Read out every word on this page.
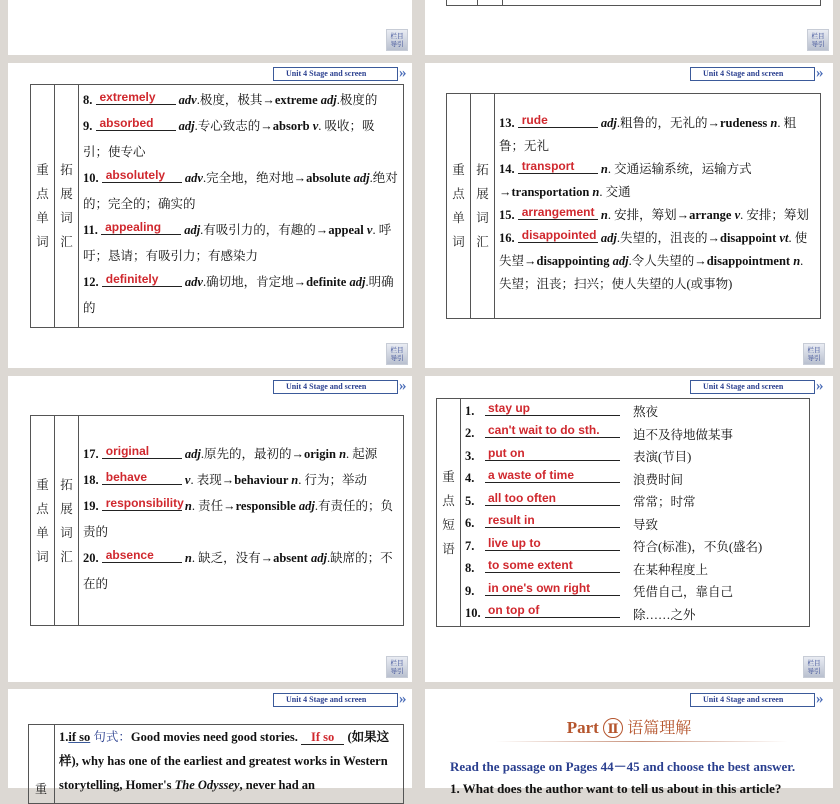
栏目
导引
栏目
导引
Unit 4 Stage and screen	»
重
点
单
词

拓
展
词
汇

8. extremely adv.极度，极其→extreme adj.极度的
9. absorbed adj.专心致志的→absorb v. 吸收；吸引；使专心
10. absolutely adv.完全地，绝对地→absolute adj.绝对的；完全的；确实的
11. appealing adj.有吸引力的，有趣的→appeal v. 呼吁；恳请；有吸引力；有感染力
12. definitely adv.确切地，肯定地→definite adj.明确的
栏目
导引
Unit 4 Stage and screen	»
重
点
单
词

拓
展
词
汇

13. rude	adj.粗鲁的，无礼的→rudeness n. 粗鲁；无礼
14. transport n. 交通运输系统，运输方式→transportation n. 交通
15. arrangement n. 安排，筹划→arrange v. 安排；筹划
16. disappointed adj.失望的，沮丧的→disappoint vt. 使失望→disappointing adj.令人失望的→disappointment n. 失望；沮丧；扫兴；使人失望的人(或事物)
栏目
导引
Unit 4 Stage and screen	»
重
点
单
词

拓
展
词
汇

17. original	adj.原先的，最初的→origin n. 起源
18. behave	v. 表现→behaviour n. 行为；举动
19. responsibility n. 责任→responsible adj.有责任的；负责的
20. absence n. 缺乏，没有→absent adj.缺席的；不在的
栏目
导引
Unit 4 Stage and screen	»
重
点
短
语

1.	stay up	熬夜
2.	can't wait to do sth.	迫不及待地做某事
3.	put on	表演(节目)
4.	a waste of time	浪费时间
5.	all too often	常常；时常
6.	result in	导致
7.	live up to	符合(标准)，不负(盛名)
8.	to some extent	在某种程度上
9.	in one's own right	凭借自己，靠自己
10. on top of	除……之外
栏目
导引
Unit 4 Stage and screen	»
重
1.if so 句式：Good movies need good stories. If so (如果这样), why has one of the earliest and greatest works in Western storytelling, Homer's The Odyssey, never had an
Unit 4 Stage and screen	»
Part Ⅱ 语篇理解
Read the passage on Pages 44－45 and choose the best answer.
1. What does the author want to tell us about in this article?
